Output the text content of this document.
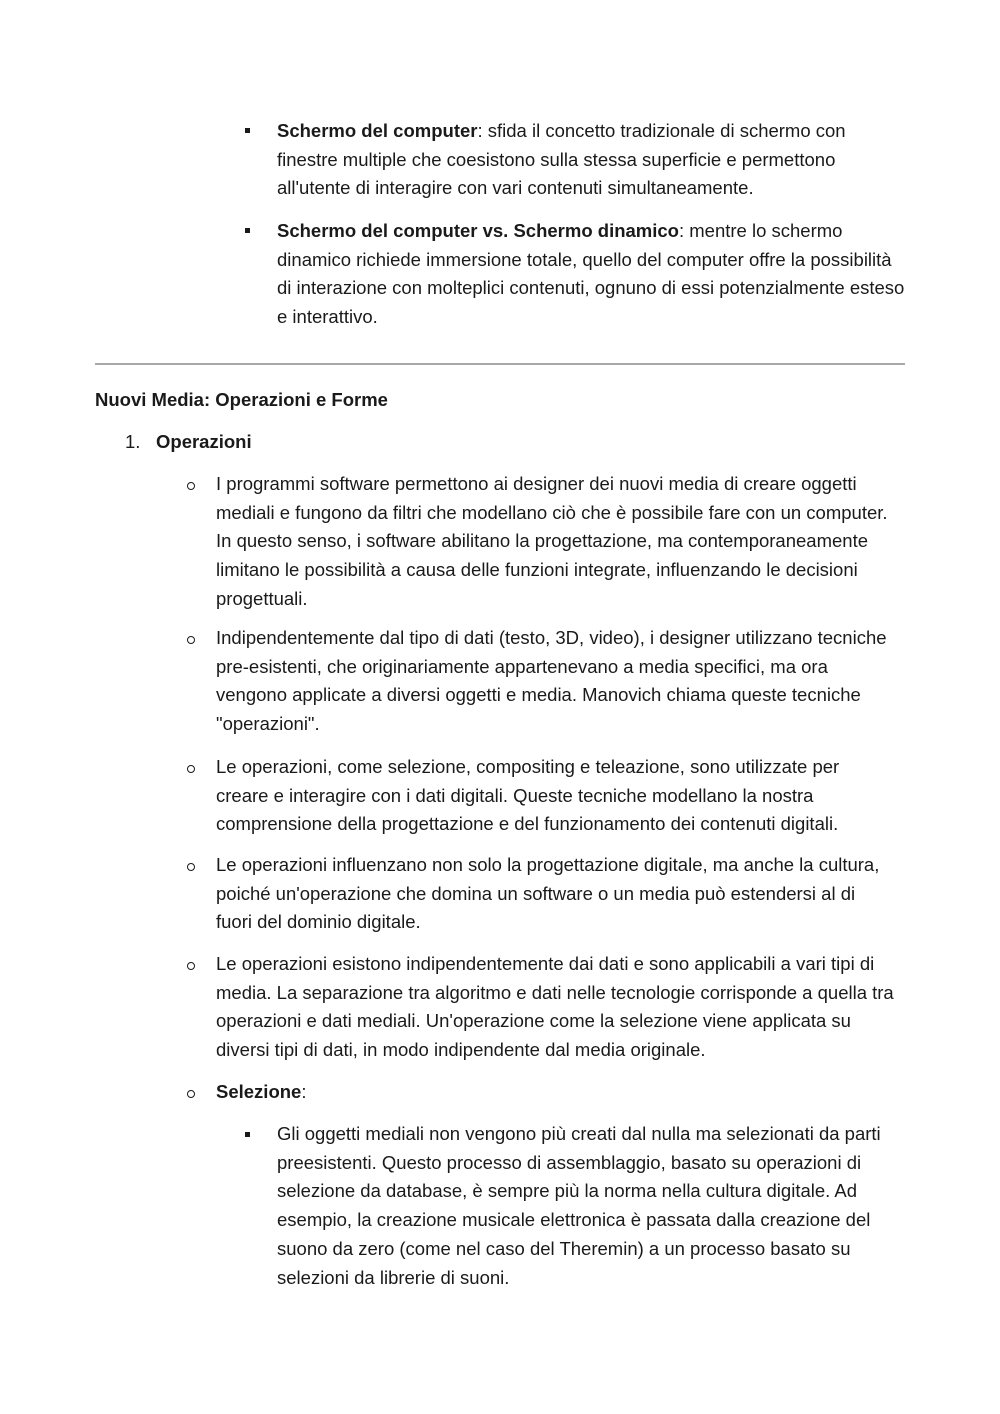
Schermo del computer: sfida il concetto tradizionale di schermo con finestre multiple che coesistono sulla stessa superficie e permettono all'utente di interagire con vari contenuti simultaneamente.
Schermo del computer vs. Schermo dinamico: mentre lo schermo dinamico richiede immersione totale, quello del computer offre la possibilità di interazione con molteplici contenuti, ognuno di essi potenzialmente esteso e interattivo.
Nuovi Media: Operazioni e Forme
1. Operazioni
I programmi software permettono ai designer dei nuovi media di creare oggetti mediali e fungono da filtri che modellano ciò che è possibile fare con un computer. In questo senso, i software abilitano la progettazione, ma contemporaneamente limitano le possibilità a causa delle funzioni integrate, influenzando le decisioni progettuali.
Indipendentemente dal tipo di dati (testo, 3D, video), i designer utilizzano tecniche pre-esistenti, che originariamente appartenevano a media specifici, ma ora vengono applicate a diversi oggetti e media. Manovich chiama queste tecniche "operazioni".
Le operazioni, come selezione, compositing e teleazione, sono utilizzate per creare e interagire con i dati digitali. Queste tecniche modellano la nostra comprensione della progettazione e del funzionamento dei contenuti digitali.
Le operazioni influenzano non solo la progettazione digitale, ma anche la cultura, poiché un'operazione che domina un software o un media può estendersi al di fuori del dominio digitale.
Le operazioni esistono indipendentemente dai dati e sono applicabili a vari tipi di media. La separazione tra algoritmo e dati nelle tecnologie corrisponde a quella tra operazioni e dati mediali. Un'operazione come la selezione viene applicata su diversi tipi di dati, in modo indipendente dal media originale.
Selezione:
Gli oggetti mediali non vengono più creati dal nulla ma selezionati da parti preesistenti. Questo processo di assemblaggio, basato su operazioni di selezione da database, è sempre più la norma nella cultura digitale. Ad esempio, la creazione musicale elettronica è passata dalla creazione del suono da zero (come nel caso del Theremin) a un processo basato su selezioni da librerie di suoni.
